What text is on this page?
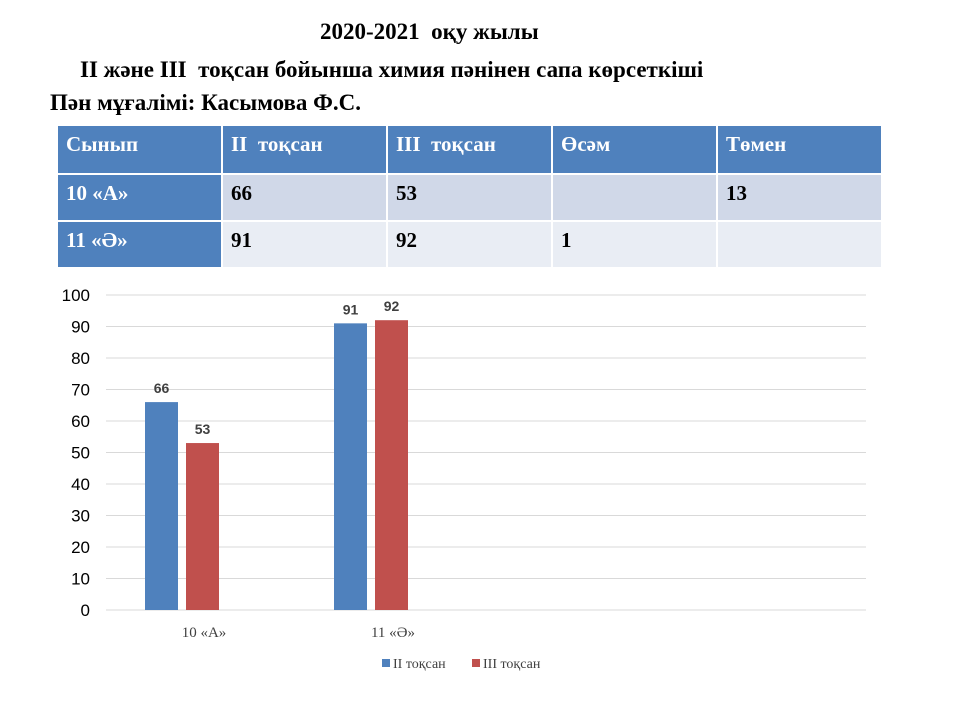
2020-2021  оқу жылы
II және III  тоқсан бойынша химия пәнінен сапа көрсеткіші
Пән мұғалімі: Касымова Ф.С.
Сынып	II  тоқсан	III  тоқсан	Өсәм	Төмен
10 «А»	66	53		13
11 «Ә»	91	92	1	
0
10
20
30
40
50
60
70
80
90
100
66
53
10 «А»
91 92
11 «Ә»
II тоқсан	III тоқсан
